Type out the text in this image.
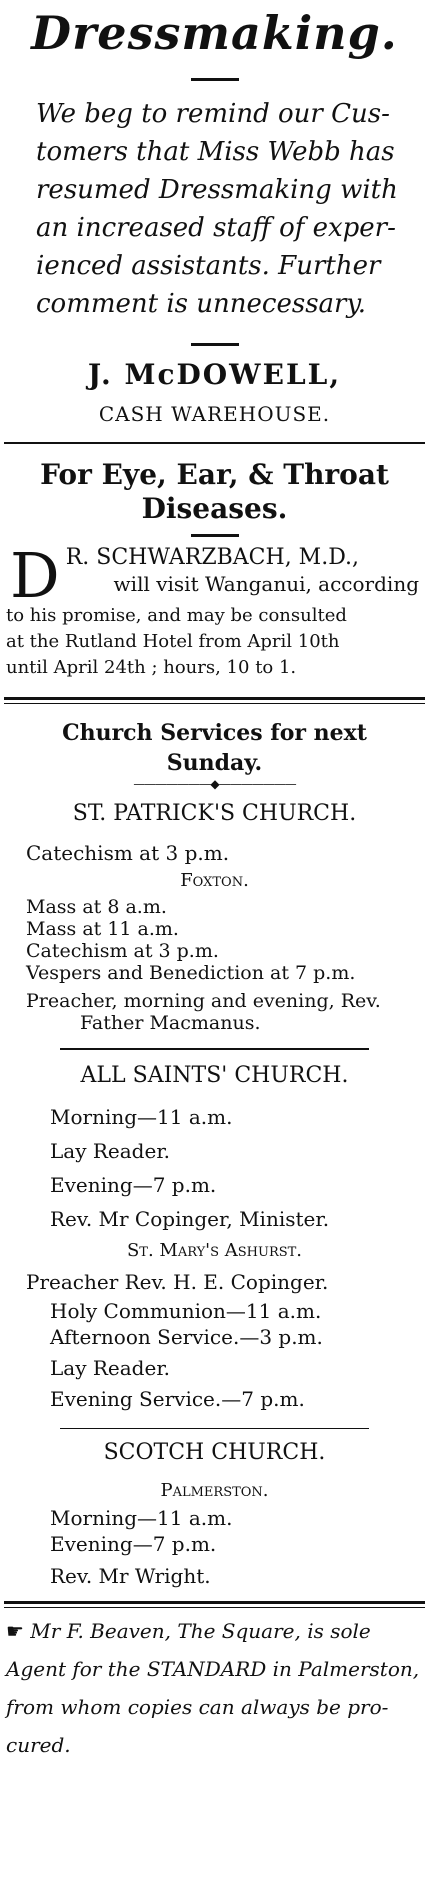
Dressmaking.
We beg to remind our Cus-
tomers that Miss Webb has
resumed Dressmaking with
an increased staff of exper-
ienced assistants. Further
comment is unnecessary.
J. McDOWELL,
CASH WAREHOUSE.

For Eye, Ear, & Throat

Diseases.

D R. SCHWARZBACH, M.D.,
will visit Wanganui, according
to his promise, and may be consulted
at the Rutland Hotel from April 10th
until April 24th ; hours, 10 to 1.
Church Services for next
Sunday.
———————◆———————
ST. PATRICK'S CHURCH.
Catechism at 3 p.m.
Foxton.
Mass at 8 a.m.
Mass at 11 a.m.
Catechism at 3 p.m.
Vespers and Benediction at 7 p.m.
Preacher, morning and evening, Rev.
Father Macmanus.
ALL SAINTS' CHURCH.
Morning—11 a.m.
Lay Reader.
Evening—7 p.m.
Rev. Mr Copinger, Minister.
St. Mary's Ashurst.
Preacher Rev. H. E. Copinger.
Holy Communion—11 a.m.
Afternoon Service.—3 p.m.
Lay Reader.
Evening Service.—7 p.m.
SCOTCH CHURCH.
Palmerston.
Morning—11 a.m.
Evening—7 p.m.
Rev. Mr Wright.
☛ Mr F. Beaven, The Square, is sole
Agent for the STANDARD in Palmerston,
from whom copies can always be pro-
cured.
